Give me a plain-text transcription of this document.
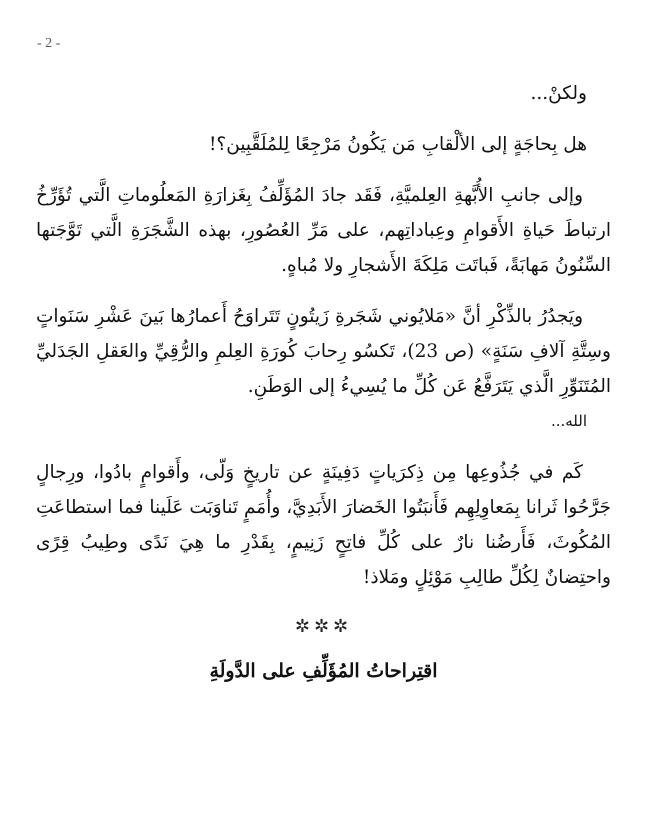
- 2 -

ولكنْ...

هل بِحاجَةٍ إلى الألْقابِ مَن يَكُونُ مَرْجِعًا لِلمُلَقَّبِين؟!

وإلى جانبِ الأُبَّهةِ العِلميَّةِ، فَقَد جادَ المُؤَلِّفُ بِغَزارَةِ المَعلُوماتِ الَّتي تُؤَرِّخُ ارتباطَ حَياةِ الأَقوامِ وعِباداتِهم، على مَرِّ العُصُورِ، بهذه الشَّجَرَةِ الَّتي تَوَّجَتها السِّنُونُ مَهابَةً، فَباتَت مَلِكَةَ الأَشجارِ ولا مُباهٍ.

ويَجدُرُ بالذِّكْرِ أنَّ «مَلايُوني شَجَرةِ زَيتُونٍ تَتَراوَحُ أَعمارُها بَينَ عَشْرِ سَنَواتٍ وسِتَّةِ آلافِ سَنَةٍ» (ص 23)، تَكسُو رِحابَ كُورَةِ العِلمِ والرُّقِيِّ والعَقلِ الجَدَليِّ المُتَنَوِّرِ الَّذي يَتَرَفَّعُ عَن كُلِّ ما يُسِيءُ إلى الوَطَنِ.

الله...

كَم في جُذُوعِها مِن ذِكرَياتٍ دَفِينَةٍ عن تاريخٍ وَلّى، وأَقوامٍ بادُوا، ورِجالٍ جَرَّحُوا ثَرانا بِمَعاوِلِهِم فَأَنبَتُوا الخَضارَ الأَبَدِيَّ، وأُمَمٍ تَناوَبَت عَلَينا فما استطاعَتِ المُكُوثَ، فَأَرضُنا نارٌ على كُلِّ فاتِحٍ زَنِيمٍ، بِقَدْرِ ما هِيَ نَدًى وطِيبُ قِرًى واحتِضانٌ لِكُلِّ طالِبِ مَوْئِلٍ ومَلاذ!

✲✲✲
اقتِراحاتُ المُؤَلِّفِ على الدَّولَةِ
